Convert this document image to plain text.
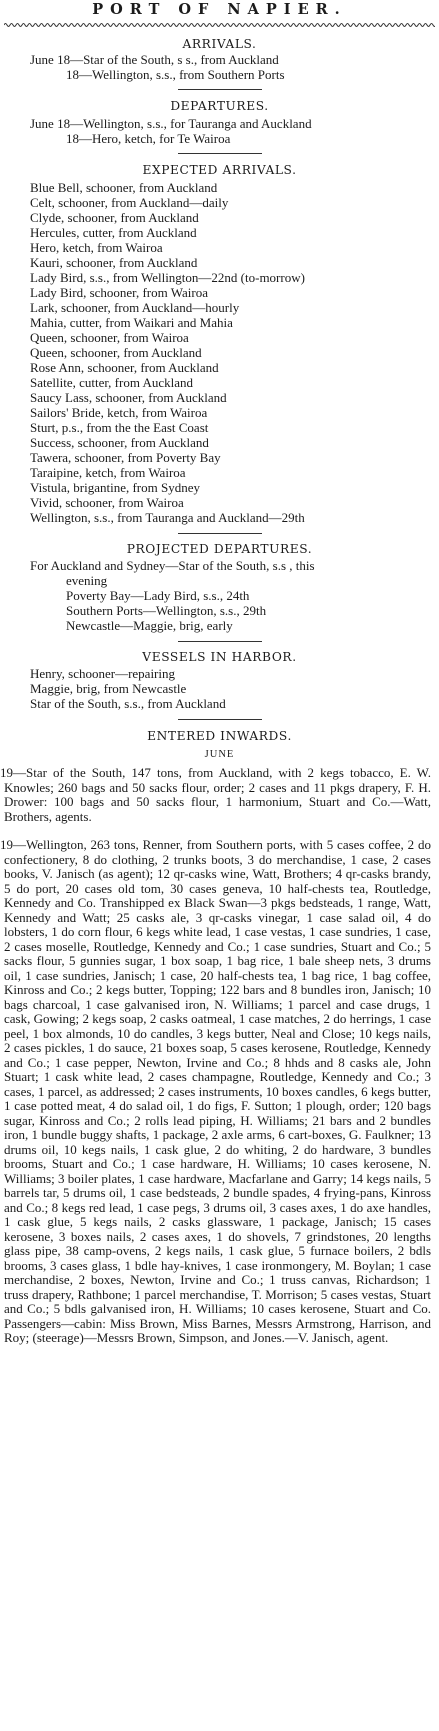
PORT OF NAPIER.
ARRIVALS.
June 18—Star of the South, s s., from Auckland
18—Wellington, s.s., from Southern Ports
DEPARTURES.
June 18—Wellington, s.s., for Tauranga and Auckland
18—Hero, ketch, for Te Wairoa
EXPECTED ARRIVALS.
Blue Bell, schooner, from Auckland
Celt, schooner, from Auckland—daily
Clyde, schooner, from Auckland
Hercules, cutter, from Auckland
Hero, ketch, from Wairoa
Kauri, schooner, from Auckland
Lady Bird, s.s., from Wellington—22nd (to-morrow)
Lady Bird, schooner, from Wairoa
Lark, schooner, from Auckland—hourly
Mahia, cutter, from Waikari and Mahia
Queen, schooner, from Wairoa
Queen, schooner, from Auckland
Rose Ann, schooner, from Auckland
Satellite, cutter, from Auckland
Saucy Lass, schooner, from Auckland
Sailors' Bride, ketch, from Wairoa
Sturt, p.s., from the the East Coast
Success, schooner, from Auckland
Tawera, schooner, from Poverty Bay
Taraipine, ketch, from Wairoa
Vistula, brigantine, from Sydney
Vivid, schooner, from Wairoa
Wellington, s.s., from Tauranga and Auckland—29th
PROJECTED DEPARTURES.
For Auckland and Sydney—Star of the South, s.s , this
evening
Poverty Bay—Lady Bird, s.s., 24th
Southern Ports—Wellington, s.s., 29th
Newcastle—Maggie, brig, early
VESSELS IN HARBOR.
Henry, schooner—repairing
Maggie, brig, from Newcastle
Star of the South, s.s., from Auckland
ENTERED INWARDS.
JUNE

19—Star of the South, 147 tons, from Auckland, with 2 kegs tobacco, E. W. Knowles; 260 bags and 50 sacks flour, order; 2 cases and 11 pkgs drapery, F. H. Drower: 100 bags and 50 sacks flour, 1 harmonium, Stuart and Co.—Watt, Brothers, agents.

19—Wellington, 263 tons, Renner, from Southern ports, with 5 cases coffee, 2 do confectionery, 8 do clothing, 2 trunks boots, 3 do merchandise, 1 case, 2 cases books, V. Janisch (as agent); 12 qr-casks wine, Watt, Brothers; 4 qr-casks brandy, 5 do port, 20 cases old tom, 30 cases geneva, 10 half-chests tea, Routledge, Kennedy and Co. Transhipped ex Black Swan—3 pkgs bedsteads, 1 range, Watt, Kennedy and Watt; 25 casks ale, 3 qr-casks vinegar, 1 case salad oil, 4 do lobsters, 1 do corn flour, 6 kegs white lead, 1 case vestas, 1 case sundries, 1 case, 2 cases moselle, Routledge, Kennedy and Co.; 1 case sundries, Stuart and Co.; 5 sacks flour, 5 gunnies sugar, 1 box soap, 1 bag rice, 1 bale sheep nets, 3 drums oil, 1 case sundries, Janisch; 1 case, 20 half-chests tea, 1 bag rice, 1 bag coffee, Kinross and Co.; 2 kegs butter, Topping; 122 bars and 8 bundles iron, Janisch; 10 bags charcoal, 1 case galvanised iron, N. Williams; 1 parcel and case drugs, 1 cask, Gowing; 2 kegs soap, 2 casks oatmeal, 1 case matches, 2 do herrings, 1 case peel, 1 box almonds, 10 do candles, 3 kegs butter, Neal and Close; 10 kegs nails, 2 cases pickles, 1 do sauce, 21 boxes soap, 5 cases kerosene, Routledge, Kennedy and Co.; 1 case pepper, Newton, Irvine and Co.; 8 hhds and 8 casks ale, John Stuart; 1 cask white lead, 2 cases champagne, Routledge, Kennedy and Co.; 3 cases, 1 parcel, as addressed; 2 cases instruments, 10 boxes candles, 6 kegs butter, 1 case potted meat, 4 do salad oil, 1 do figs, F. Sutton; 1 plough, order; 120 bags sugar, Kinross and Co.; 2 rolls lead piping, H. Williams; 21 bars and 2 bundles iron, 1 bundle buggy shafts, 1 package, 2 axle arms, 6 cart-boxes, G. Faulkner; 13 drums oil, 10 kegs nails, 1 cask glue, 2 do whiting, 2 do hardware, 3 bundles brooms, Stuart and Co.; 1 case hardware, H. Williams; 10 cases kerosene, N. Williams; 3 boiler plates, 1 case hardware, Macfarlane and Garry; 14 kegs nails, 5 barrels tar, 5 drums oil, 1 case bedsteads, 2 bundle spades, 4 frying-pans, Kinross and Co.; 8 kegs red lead, 1 case pegs, 3 drums oil, 3 cases axes, 1 do axe handles, 1 cask glue, 5 kegs nails, 2 casks glassware, 1 package, Janisch; 15 cases kerosene, 3 boxes nails, 2 cases axes, 1 do shovels, 7 grindstones, 20 lengths glass pipe, 38 camp-ovens, 2 kegs nails, 1 cask glue, 5 furnace boilers, 2 bdls brooms, 3 cases glass, 1 bdle hay-knives, 1 case ironmongery, M. Boylan; 1 case merchandise, 2 boxes, Newton, Irvine and Co.; 1 truss canvas, Richardson; 1 truss drapery, Rathbone; 1 parcel merchandise, T. Morrison; 5 cases vestas, Stuart and Co.; 5 bdls galvanised iron, H. Williams; 10 cases kerosene, Stuart and Co. Passengers—cabin: Miss Brown, Miss Barnes, Messrs Armstrong, Harrison, and Roy; (steerage)—Messrs Brown, Simpson, and Jones.—V. Janisch, agent.
